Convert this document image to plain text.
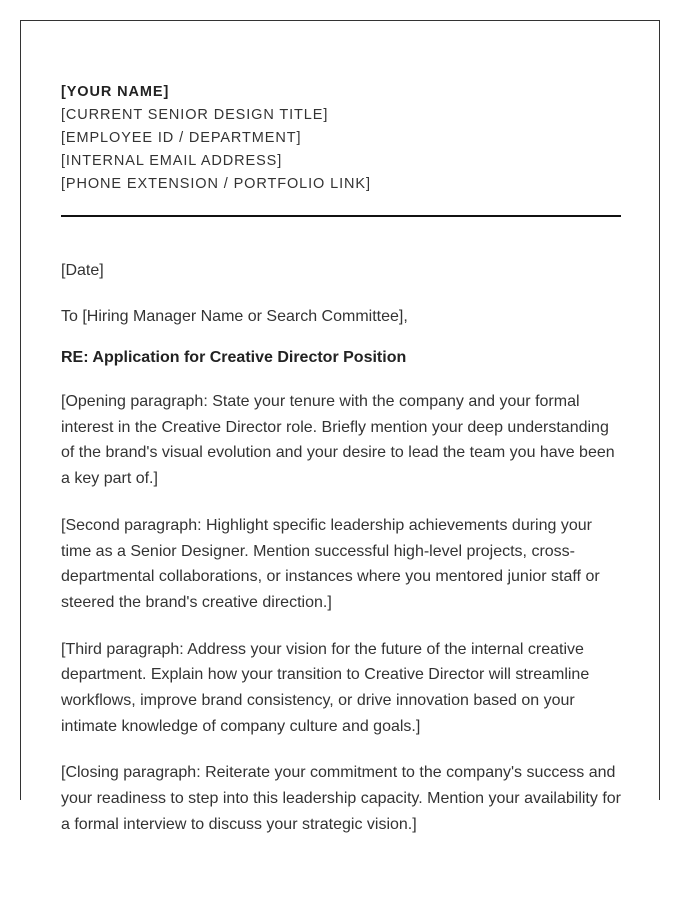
[YOUR NAME]
[CURRENT SENIOR DESIGN TITLE]
[EMPLOYEE ID / DEPARTMENT]
[INTERNAL EMAIL ADDRESS]
[PHONE EXTENSION / PORTFOLIO LINK]
[Date]
To [Hiring Manager Name or Search Committee],
RE: Application for Creative Director Position
[Opening paragraph: State your tenure with the company and your formal interest in the Creative Director role. Briefly mention your deep understanding of the brand's visual evolution and your desire to lead the team you have been a key part of.]
[Second paragraph: Highlight specific leadership achievements during your time as a Senior Designer. Mention successful high-level projects, cross-departmental collaborations, or instances where you mentored junior staff or steered the brand's creative direction.]
[Third paragraph: Address your vision for the future of the internal creative department. Explain how your transition to Creative Director will streamline workflows, improve brand consistency, or drive innovation based on your intimate knowledge of company culture and goals.]
[Closing paragraph: Reiterate your commitment to the company's success and your readiness to step into this leadership capacity. Mention your availability for a formal interview to discuss your strategic vision.]
